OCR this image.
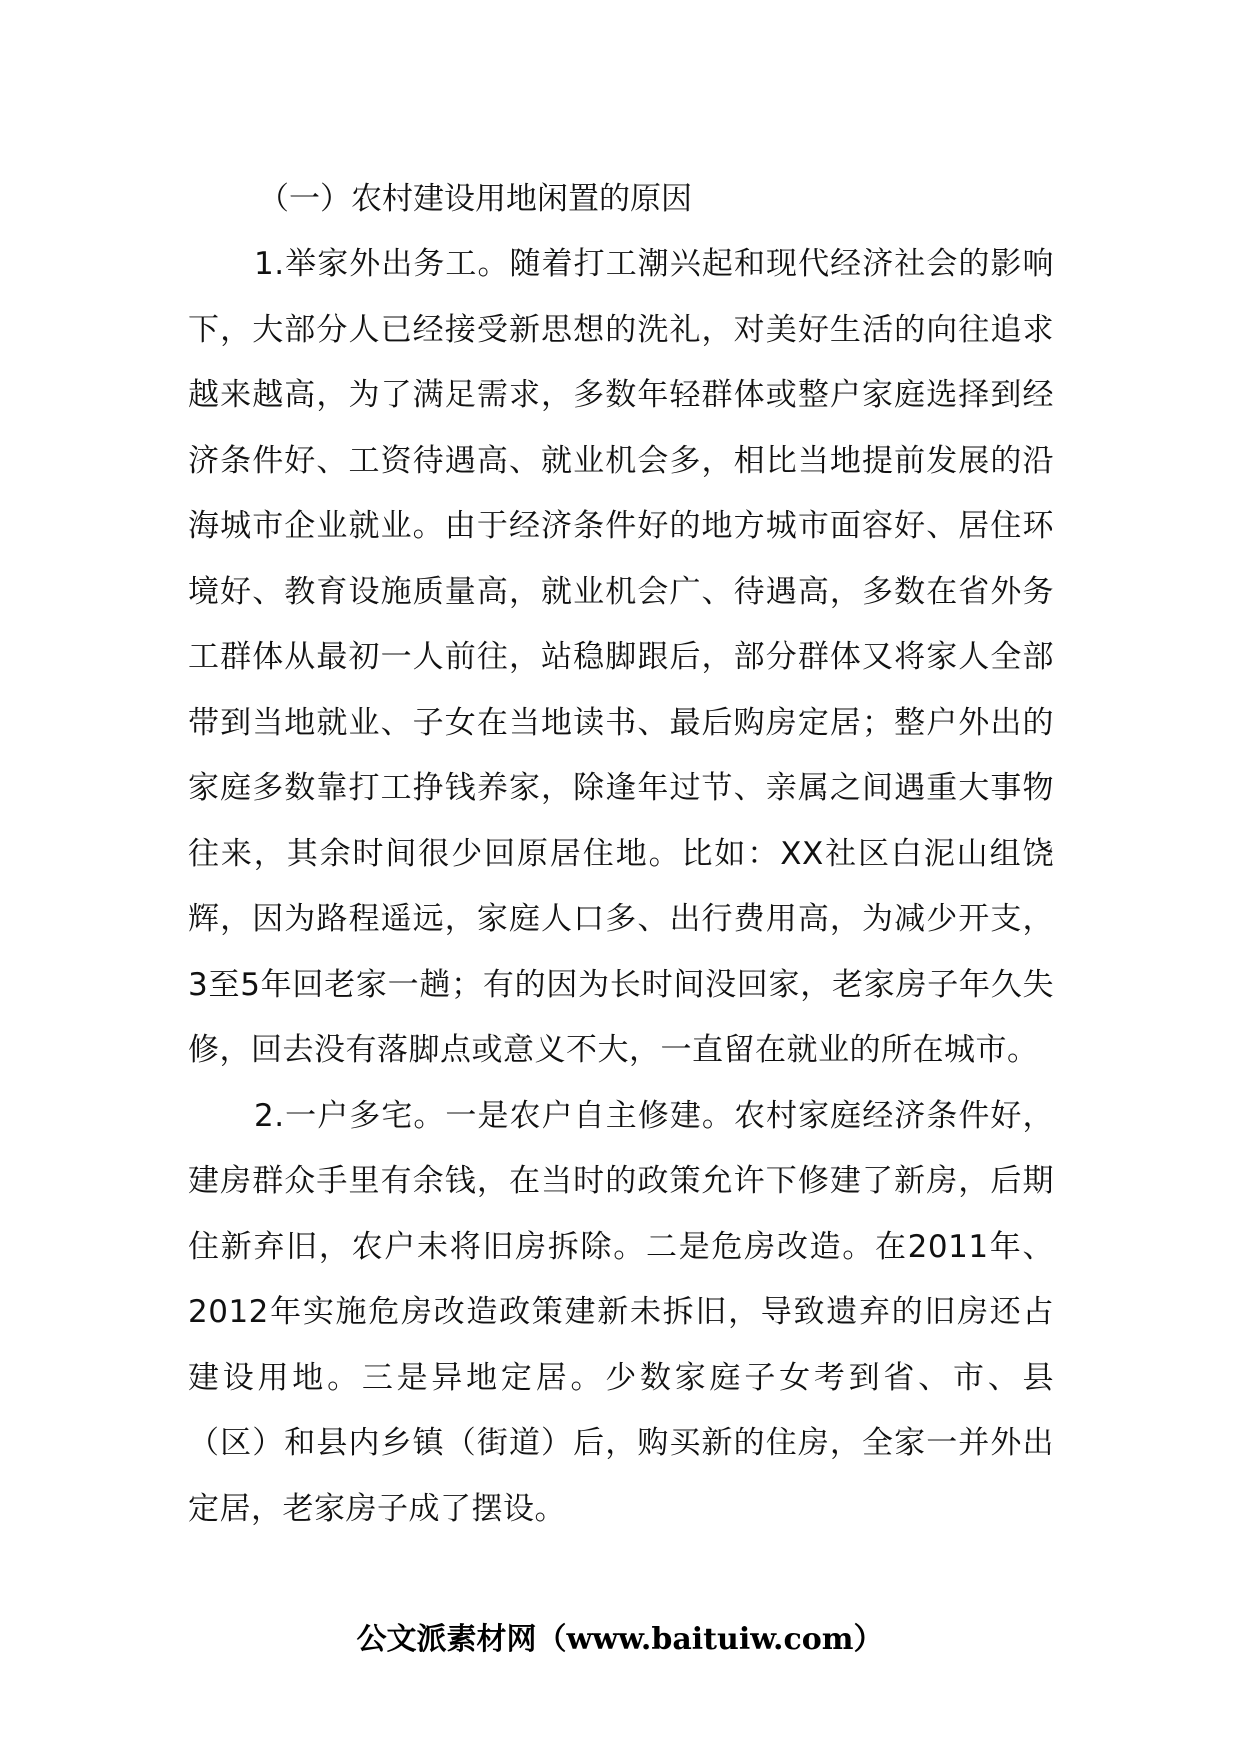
（一）农村建设用地闲置的原因

1.举家外出务工。随着打工潮兴起和现代经济社会的影响下，大部分人已经接受新思想的洗礼，对美好生活的向往追求越来越高，为了满足需求，多数年轻群体或整户家庭选择到经济条件好、工资待遇高、就业机会多，相比当地提前发展的沿海城市企业就业。由于经济条件好的地方城市面容好、居住环境好、教育设施质量高，就业机会广、待遇高，多数在省外务工群体从最初一人前往，站稳脚跟后，部分群体又将家人全部带到当地就业、子女在当地读书、最后购房定居；整户外出的家庭多数靠打工挣钱养家，除逢年过节、亲属之间遇重大事物往来，其余时间很少回原居住地。比如：XX社区白泥山组饶辉，因为路程遥远，家庭人口多、出行费用高，为减少开支，3至5年回老家一趟；有的因为长时间没回家，老家房子年久失修，回去没有落脚点或意义不大，一直留在就业的所在城市。

2.一户多宅。一是农户自主修建。农村家庭经济条件好，建房群众手里有余钱，在当时的政策允许下修建了新房，后期住新弃旧，农户未将旧房拆除。二是危房改造。在2011年、2012年实施危房改造政策建新未拆旧，导致遗弃的旧房还占建设用地。三是异地定居。少数家庭子女考到省、市、县（区）和县内乡镇（街道）后，购买新的住房，全家一并外出定居，老家房子成了摆设。

公文派素材网（www.baituiw.com）
